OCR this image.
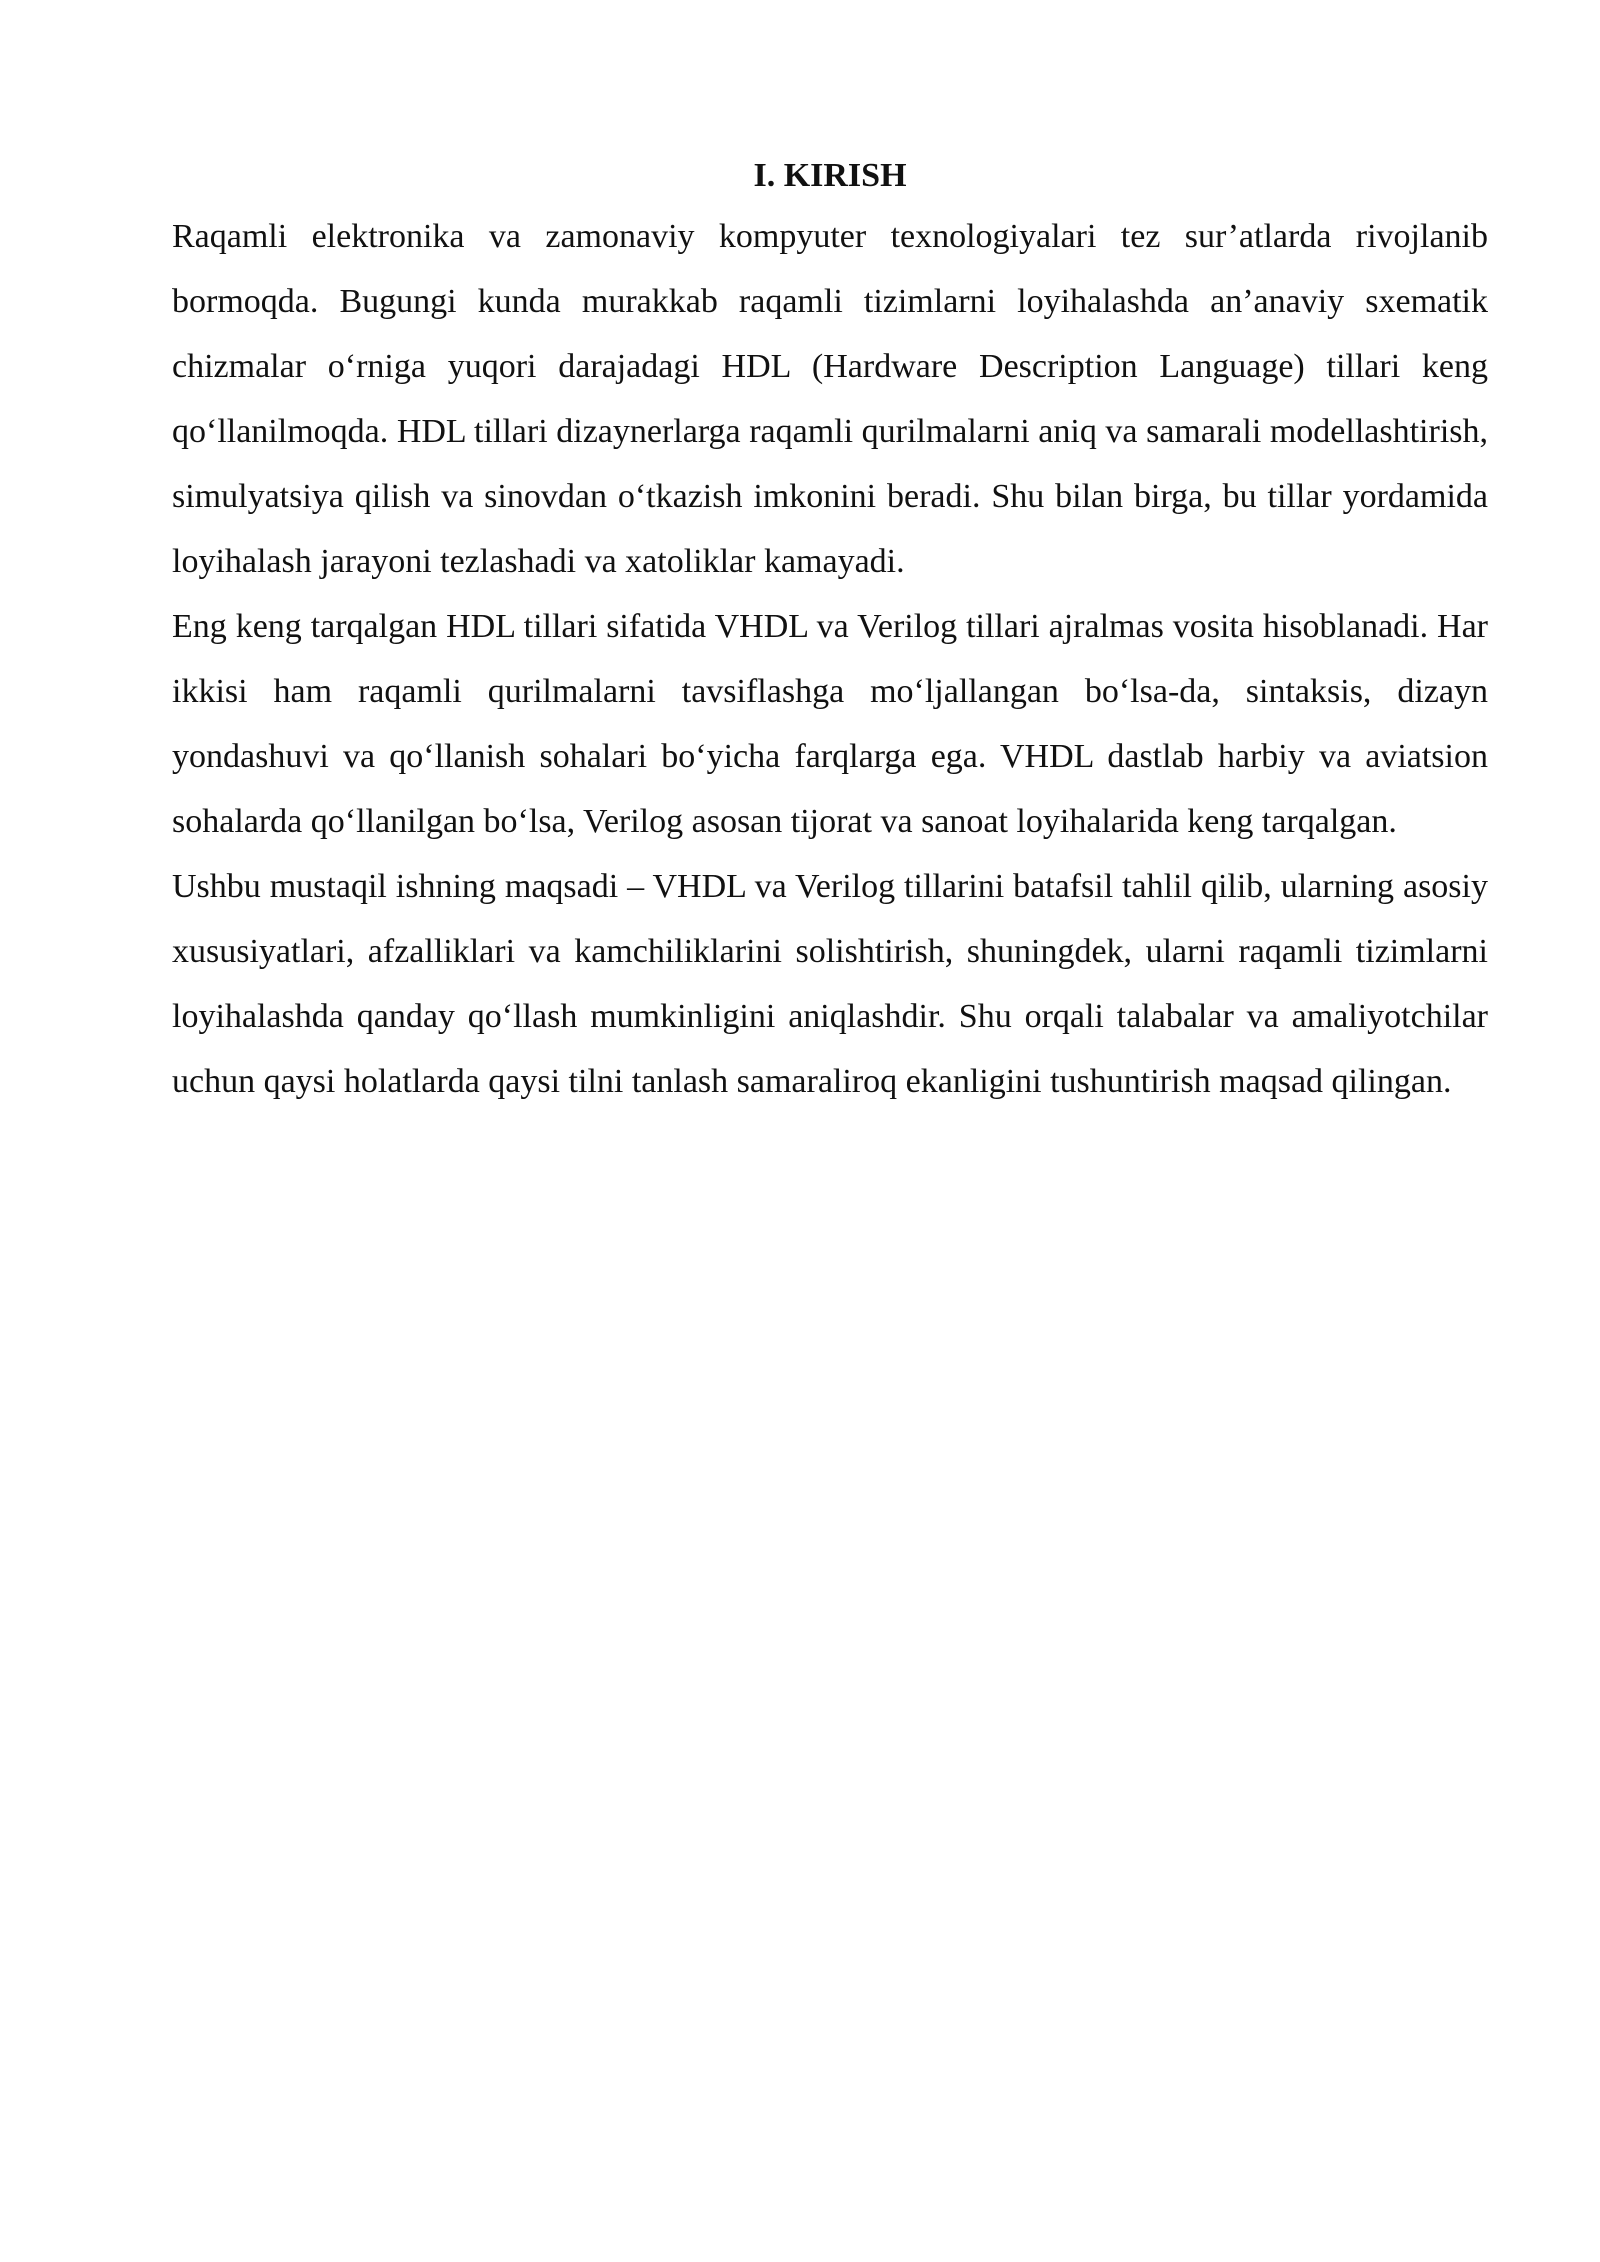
I. KIRISH

Raqamli elektronika va zamonaviy kompyuter texnologiyalari tez sur’atlarda rivojlanib bormoqda. Bugungi kunda murakkab raqamli tizimlarni loyihalashda an’anaviy sxematik chizmalar o‘rniga yuqori darajadagi HDL (Hardware Description Language) tillari keng qo‘llanilmoqda. HDL tillari dizaynerlarga raqamli qurilmalarni aniq va samarali modellashtirish, simulyatsiya qilish va sinovdan o‘tkazish imkonini beradi. Shu bilan birga, bu tillar yordamida loyihalash jarayoni tezlashadi va xatoliklar kamayadi.

Eng keng tarqalgan HDL tillari sifatida VHDL va Verilog tillari ajralmas vosita hisoblanadi. Har ikkisi ham raqamli qurilmalarni tavsiflashga mo‘ljallangan bo‘lsa-da, sintaksis, dizayn yondashuvi va qo‘llanish sohalari bo‘yicha farqlarga ega. VHDL dastlab harbiy va aviatsion sohalarda qo‘llanilgan bo‘lsa, Verilog asosan tijorat va sanoat loyihalarida keng tarqalgan.

Ushbu mustaqil ishning maqsadi – VHDL va Verilog tillarini batafsil tahlil qilib, ularning asosiy xususiyatlari, afzalliklari va kamchiliklarini solishtirish, shuningdek, ularni raqamli tizimlarni loyihalashda qanday qo‘llash mumkinligini aniqlashdir. Shu orqali talabalar va amaliyotchilar uchun qaysi holatlarda qaysi tilni tanlash samaraliroq ekanligini tushuntirish maqsad qilingan.
